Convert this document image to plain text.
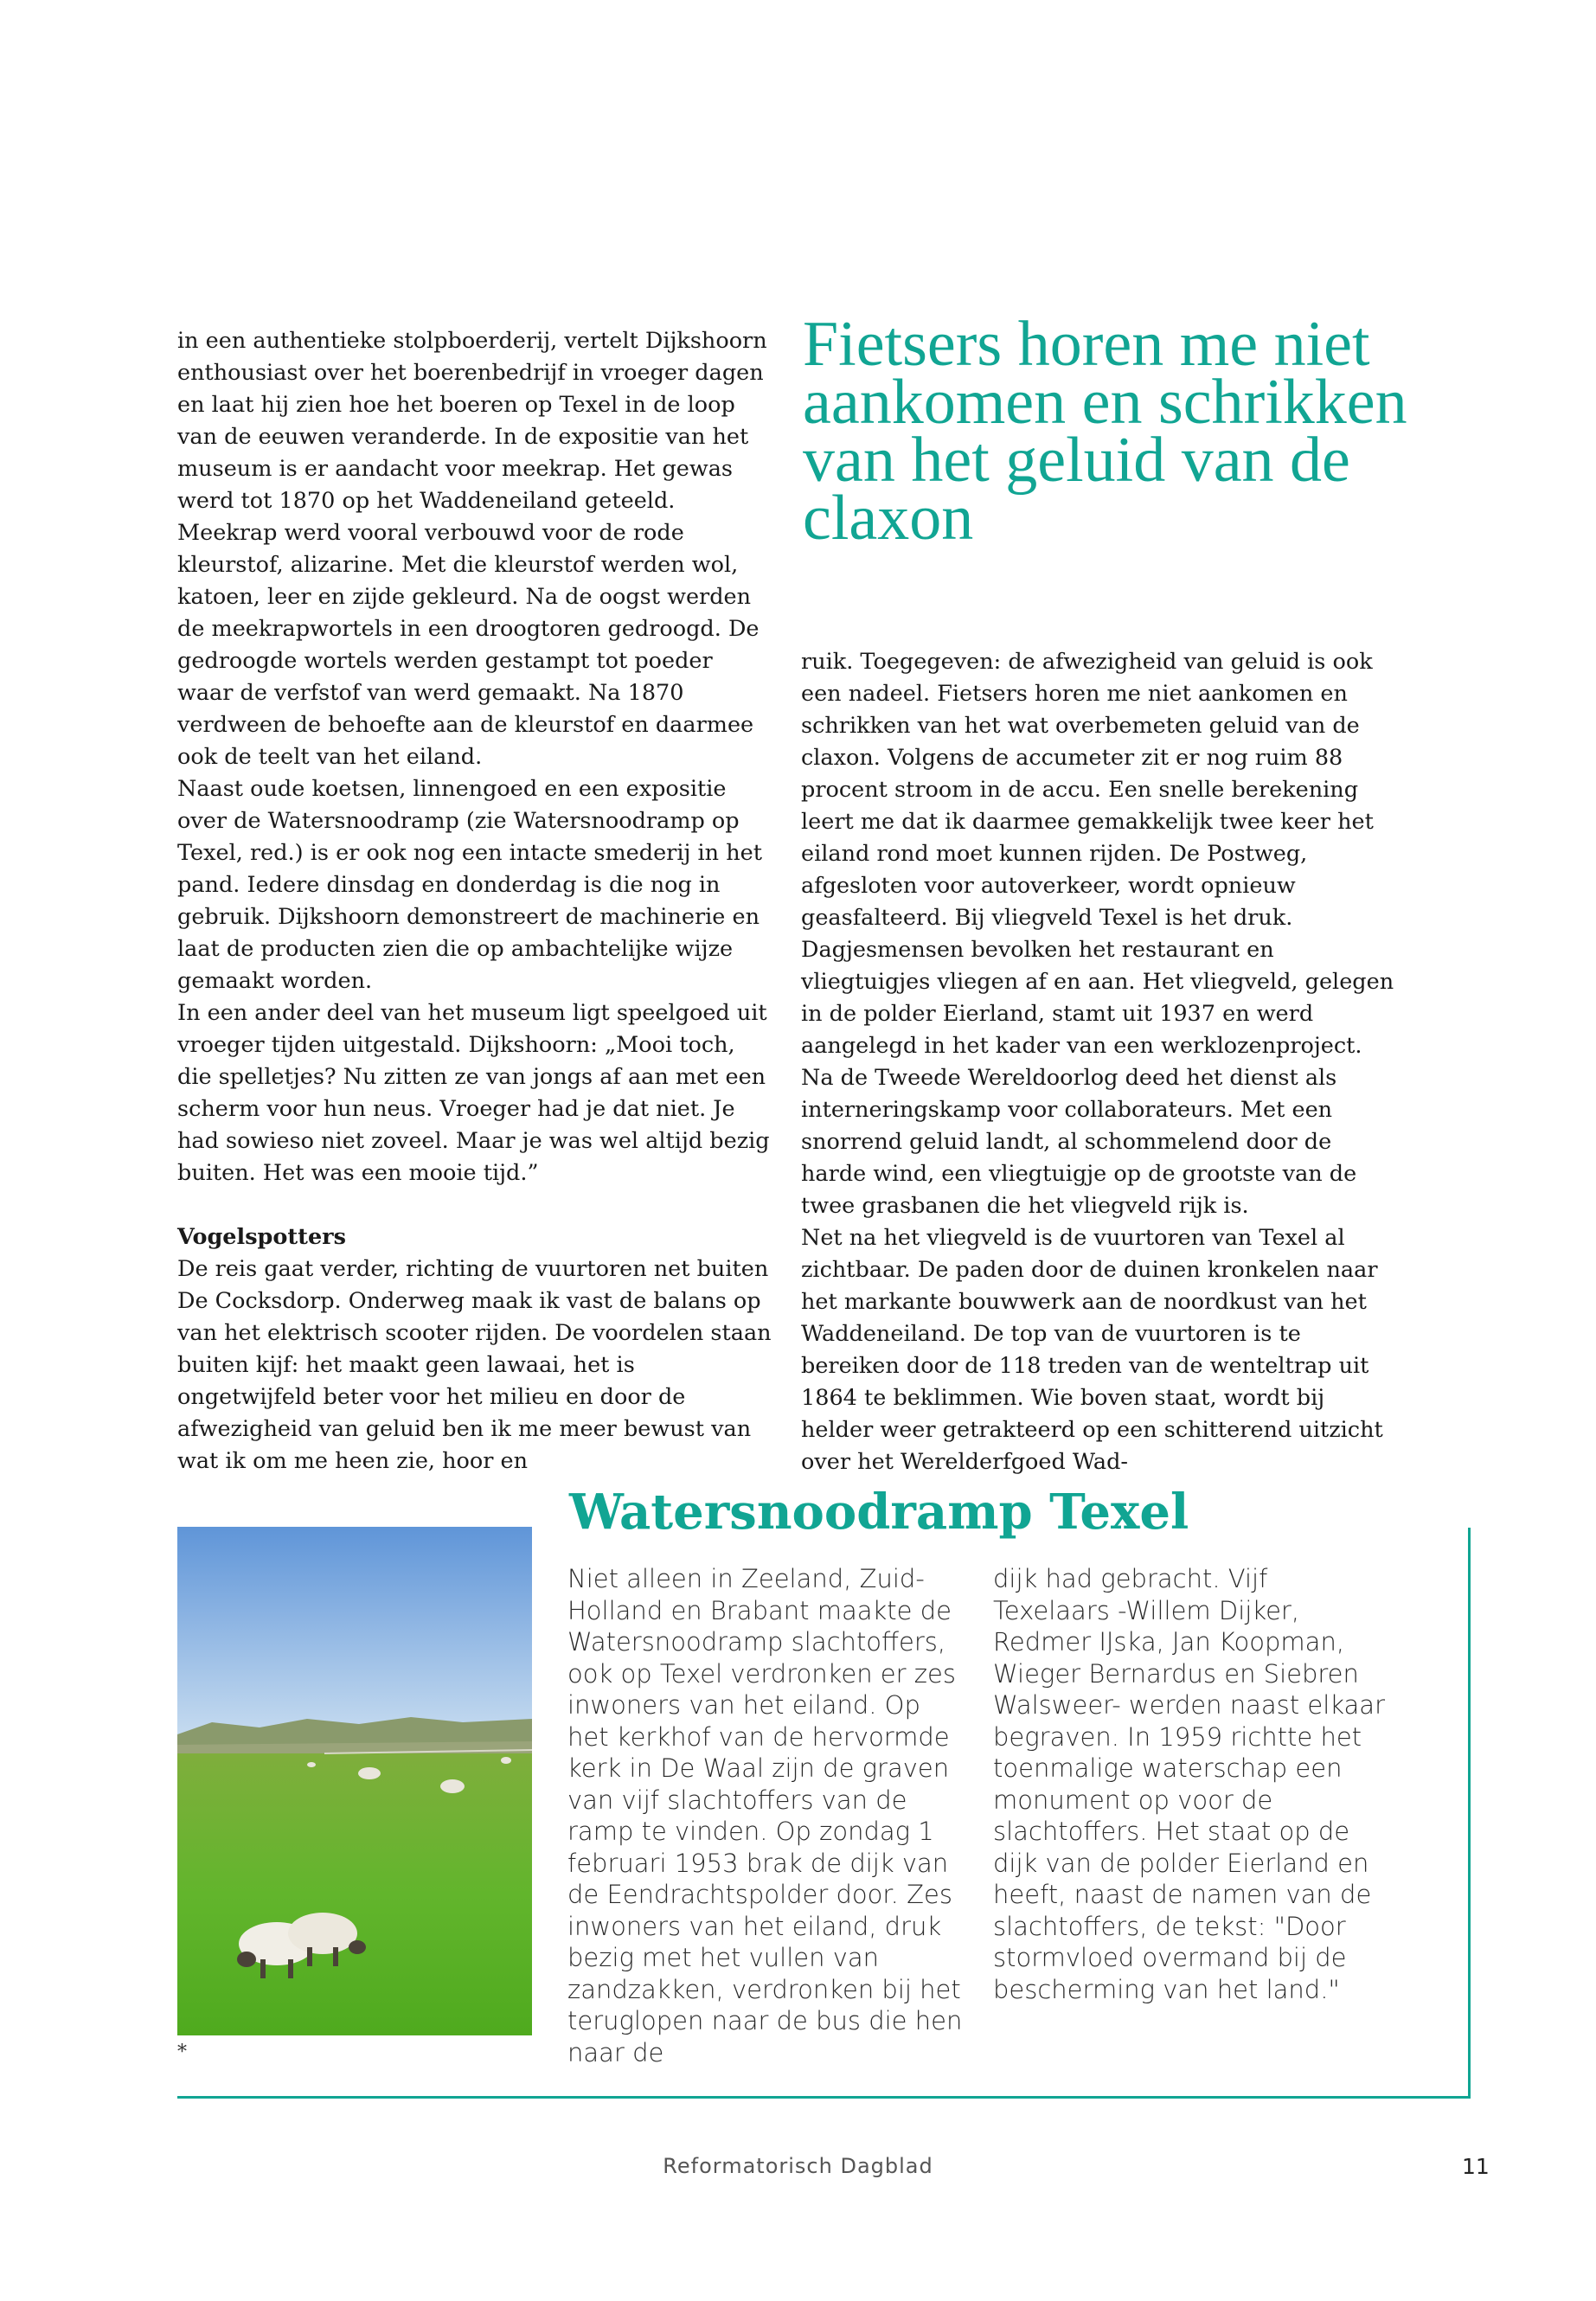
in een authentieke stolpboerderij, vertelt Dijkshoorn enthousiast over het boerenbedrijf in vroeger dagen en laat hij zien hoe het boeren op Texel in de loop van de eeuwen veranderde. In de expositie van het museum is er aandacht voor meekrap. Het gewas werd tot 1870 op het Waddeneiland geteeld. Meekrap werd vooral verbouwd voor de rode kleurstof, alizarine. Met die kleurstof werden wol, katoen, leer en zijde gekleurd. Na de oogst werden de meekrapwortels in een droogtoren gedroogd. De gedroogde wortels werden gestampt tot poeder waar de verfstof van werd gemaakt. Na 1870 verdween de behoefte aan de kleurstof en daarmee ook de teelt van het eiland.

Naast oude koetsen, linnengoed en een expositie over de Watersnoodramp (zie Watersnoodramp op Texel, red.) is er ook nog een intacte smederij in het pand. Iedere dinsdag en donderdag is die nog in gebruik. Dijkshoorn demonstreert de machinerie en laat de producten zien die op ambachtelijke wijze gemaakt worden.

In een ander deel van het museum ligt speelgoed uit vroeger tijden uitgestald. Dijkshoorn: „Mooi toch, die spelletjes? Nu zitten ze van jongs af aan met een scherm voor hun neus. Vroeger had je dat niet. Je had sowieso niet zoveel. Maar je was wel altijd bezig buiten. Het was een mooie tijd.”

Vogelspotters

De reis gaat verder, richting de vuurtoren net buiten De Cocksdorp. Onderweg maak ik vast de balans op van het elektrisch scooter rijden. De voordelen staan buiten kijf: het maakt geen lawaai, het is ongetwijfeld beter voor het milieu en door de afwezigheid van geluid ben ik me meer bewust van wat ik om me heen zie, hoor en

Fietsers horen me niet aankomen en schrikken van het geluid van de claxon

ruik. Toegegeven: de afwezigheid van geluid is ook een nadeel. Fietsers horen me niet aankomen en schrikken van het wat overbemeten geluid van de claxon. Volgens de accumeter zit er nog ruim 88 procent stroom in de accu. Een snelle berekening leert me dat ik daarmee gemakkelijk twee keer het eiland rond moet kunnen rijden. De Postweg, afgesloten voor autoverkeer, wordt opnieuw geasfalteerd. Bij vliegveld Texel is het druk. Dagjesmensen bevolken het restaurant en vliegtuigjes vliegen af en aan. Het vliegveld, gelegen in de polder Eierland, stamt uit 1937 en werd aangelegd in het kader van een werklozenproject. Na de Tweede Wereldoorlog deed het dienst als interneringskamp voor collaborateurs. Met een snorrend geluid landt, al schommelend door de harde wind, een vliegtuigje op de grootste van de twee grasbanen die het vliegveld rijk is.

Net na het vliegveld is de vuurtoren van Texel al zichtbaar. De paden door de duinen kronkelen naar het markante bouwwerk aan de noordkust van het Waddeneiland. De top van de vuurtoren is te bereiken door de 118 treden van de wenteltrap uit 1864 te beklimmen. Wie boven staat, wordt bij helder weer getrakteerd op een schitterend uitzicht over het Werelderfgoed Wad-

Watersnoodramp Texel

Niet alleen in Zeeland, Zuid-Holland en Brabant maakte de Watersnoodramp slachtoffers, ook op Texel verdronken er zes inwoners van het eiland. Op het kerkhof van de hervormde kerk in De Waal zijn de graven van vijf slachtoffers van de ramp te vinden. Op zondag 1 februari 1953 brak de dijk van de Eendrachtspolder door. Zes inwoners van het eiland, druk bezig met het vullen van zandzakken, verdronken bij het teruglopen naar de bus die hen naar de

dijk had gebracht. Vijf Texelaars -Willem Dijker, Redmer IJska, Jan Koopman, Wieger Bernardus en Siebren Walsweer- werden naast elkaar begraven. In 1959 richtte het toenmalige waterschap een monument op voor de slachtoffers. Het staat op de dijk van de polder Eierland en heeft, naast de namen van de slachtoffers, de tekst: "Door stormvloed overmand bij de bescherming van het land."

*
Reformatorisch Dagblad	11
